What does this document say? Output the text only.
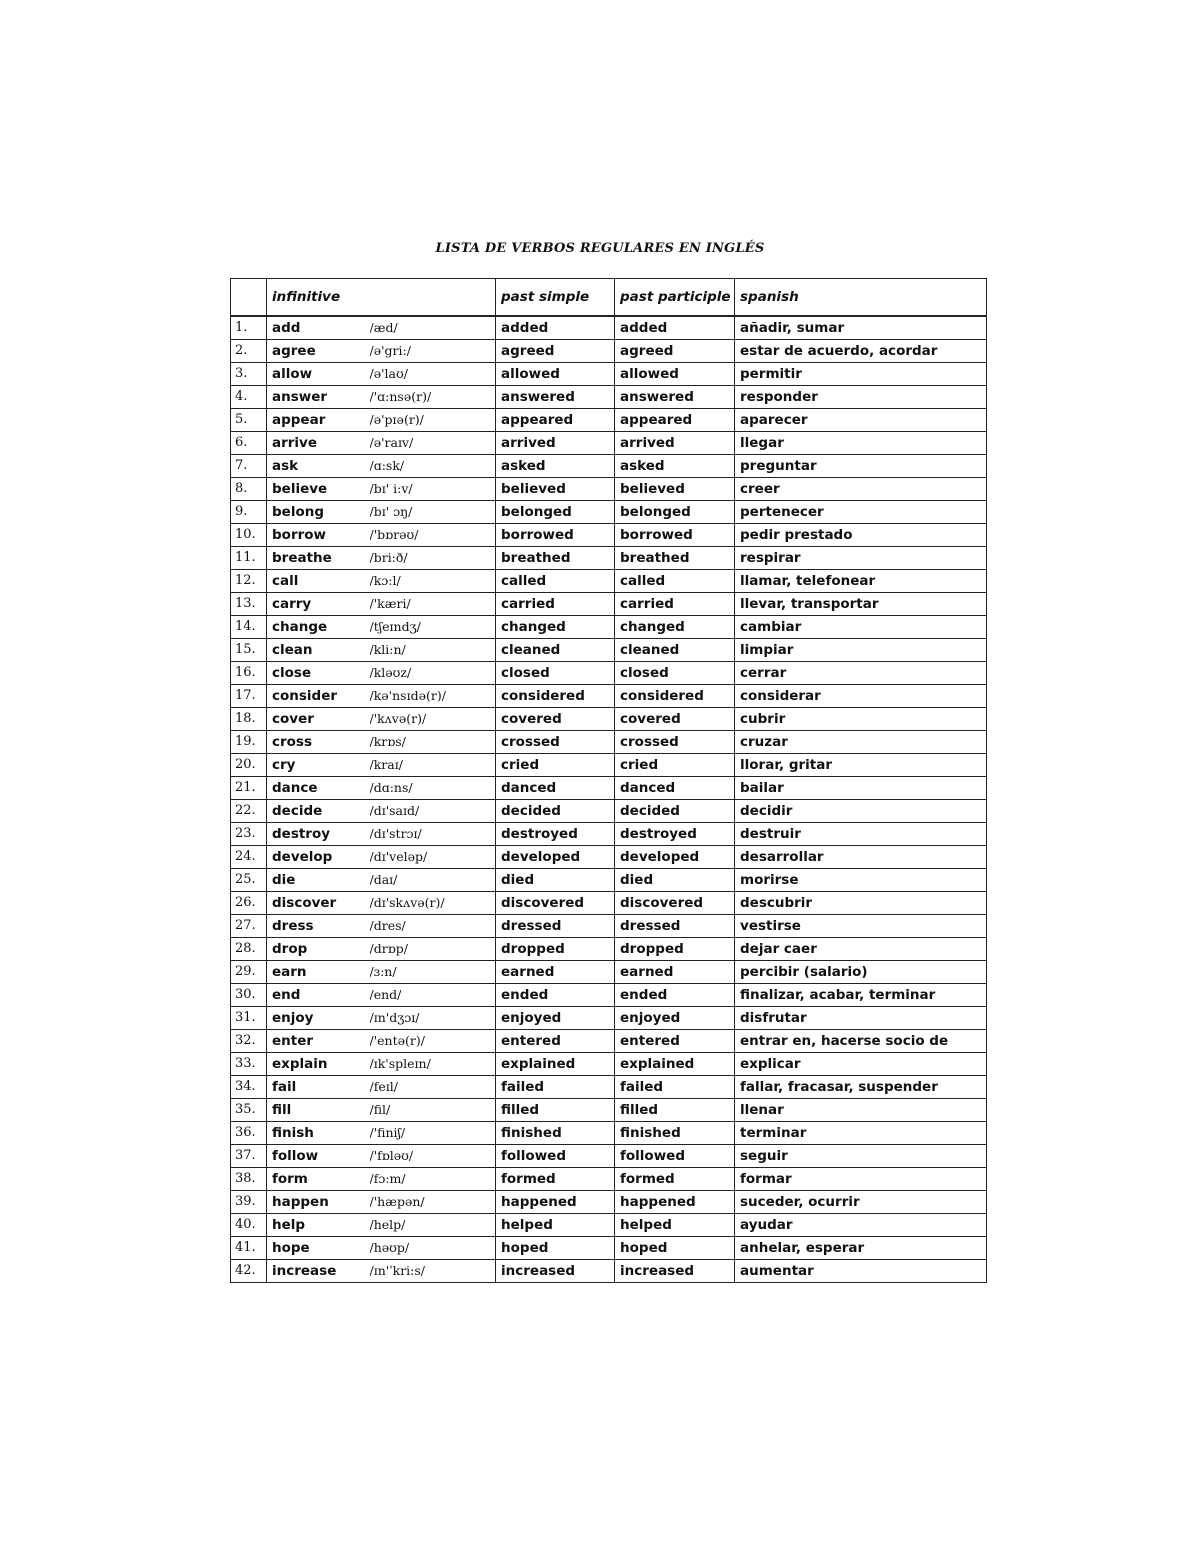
LISTA DE VERBOS REGULARES EN INGLÉS
	infinitive		past simple	past participle	spanish
1.	add	/æd/	added	added	añadir, sumar
2.	agree	/ə'gri:/	agreed	agreed	estar de acuerdo, acordar
3.	allow	/ə'laʊ/	allowed	allowed	permitir
4.	answer	/'ɑ:nsə(r)/	answered	answered	responder
5.	appear	/ə'pɪə(r)/	appeared	appeared	aparecer
6.	arrive	/ə'raɪv/	arrived	arrived	llegar
7.	ask	/ɑ:sk/	asked	asked	preguntar
8.	believe	/bɪ' i:v/	believed	believed	creer
9.	belong	/bɪ' ɔŋ/	belonged	belonged	pertenecer
10.	borrow	/'bɒrəʊ/	borrowed	borrowed	pedir prestado
11.	breathe	/bri:ð/	breathed	breathed	respirar
12.	call	/kɔ:l/	called	called	llamar, telefonear
13.	carry	/'kæri/	carried	carried	llevar, transportar
14.	change	/tʃeɪndʒ/	changed	changed	cambiar
15.	clean	/kli:n/	cleaned	cleaned	limpiar
16.	close	/kləʊz/	closed	closed	cerrar
17.	consider	/kə'nsɪdə(r)/	considered	considered	considerar
18.	cover	/'kʌvə(r)/	covered	covered	cubrir
19.	cross	/krɒs/	crossed	crossed	cruzar
20.	cry	/kraɪ/	cried	cried	llorar, gritar
21.	dance	/dɑ:ns/	danced	danced	bailar
22.	decide	/dɪ'saɪd/	decided	decided	decidir
23.	destroy	/dɪ'strɔɪ/	destroyed	destroyed	destruir
24.	develop	/dɪ'veləp/	developed	developed	desarrollar
25.	die	/daɪ/	died	died	morirse
26.	discover	/dɪ'skʌvə(r)/	discovered	discovered	descubrir
27.	dress	/dres/	dressed	dressed	vestirse
28.	drop	/drɒp/	dropped	dropped	dejar caer
29.	earn	/ɜ:n/	earned	earned	percibir (salario)
30.	end	/end/	ended	ended	finalizar, acabar, terminar
31.	enjoy	/ɪn'dʒɔɪ/	enjoyed	enjoyed	disfrutar
32.	enter	/'entə(r)/	entered	entered	entrar en, hacerse socio de
33.	explain	/ɪk'spleɪn/	explained	explained	explicar
34.	fail	/feɪl/	failed	failed	fallar, fracasar, suspender
35.	fill	/fil/	filled	filled	llenar
36.	finish	/'finiʃ/	finished	finished	terminar
37.	follow	/'fɒləʊ/	followed	followed	seguir
38.	form	/fɔ:m/	formed	formed	formar
39.	happen	/'hæpən/	happened	happened	suceder, ocurrir
40.	help	/help/	helped	helped	ayudar
41.	hope	/həʊp/	hoped	hoped	anhelar, esperar
42.	increase	/ɪn'ˈkri:s/	increased	increased	aumentar
